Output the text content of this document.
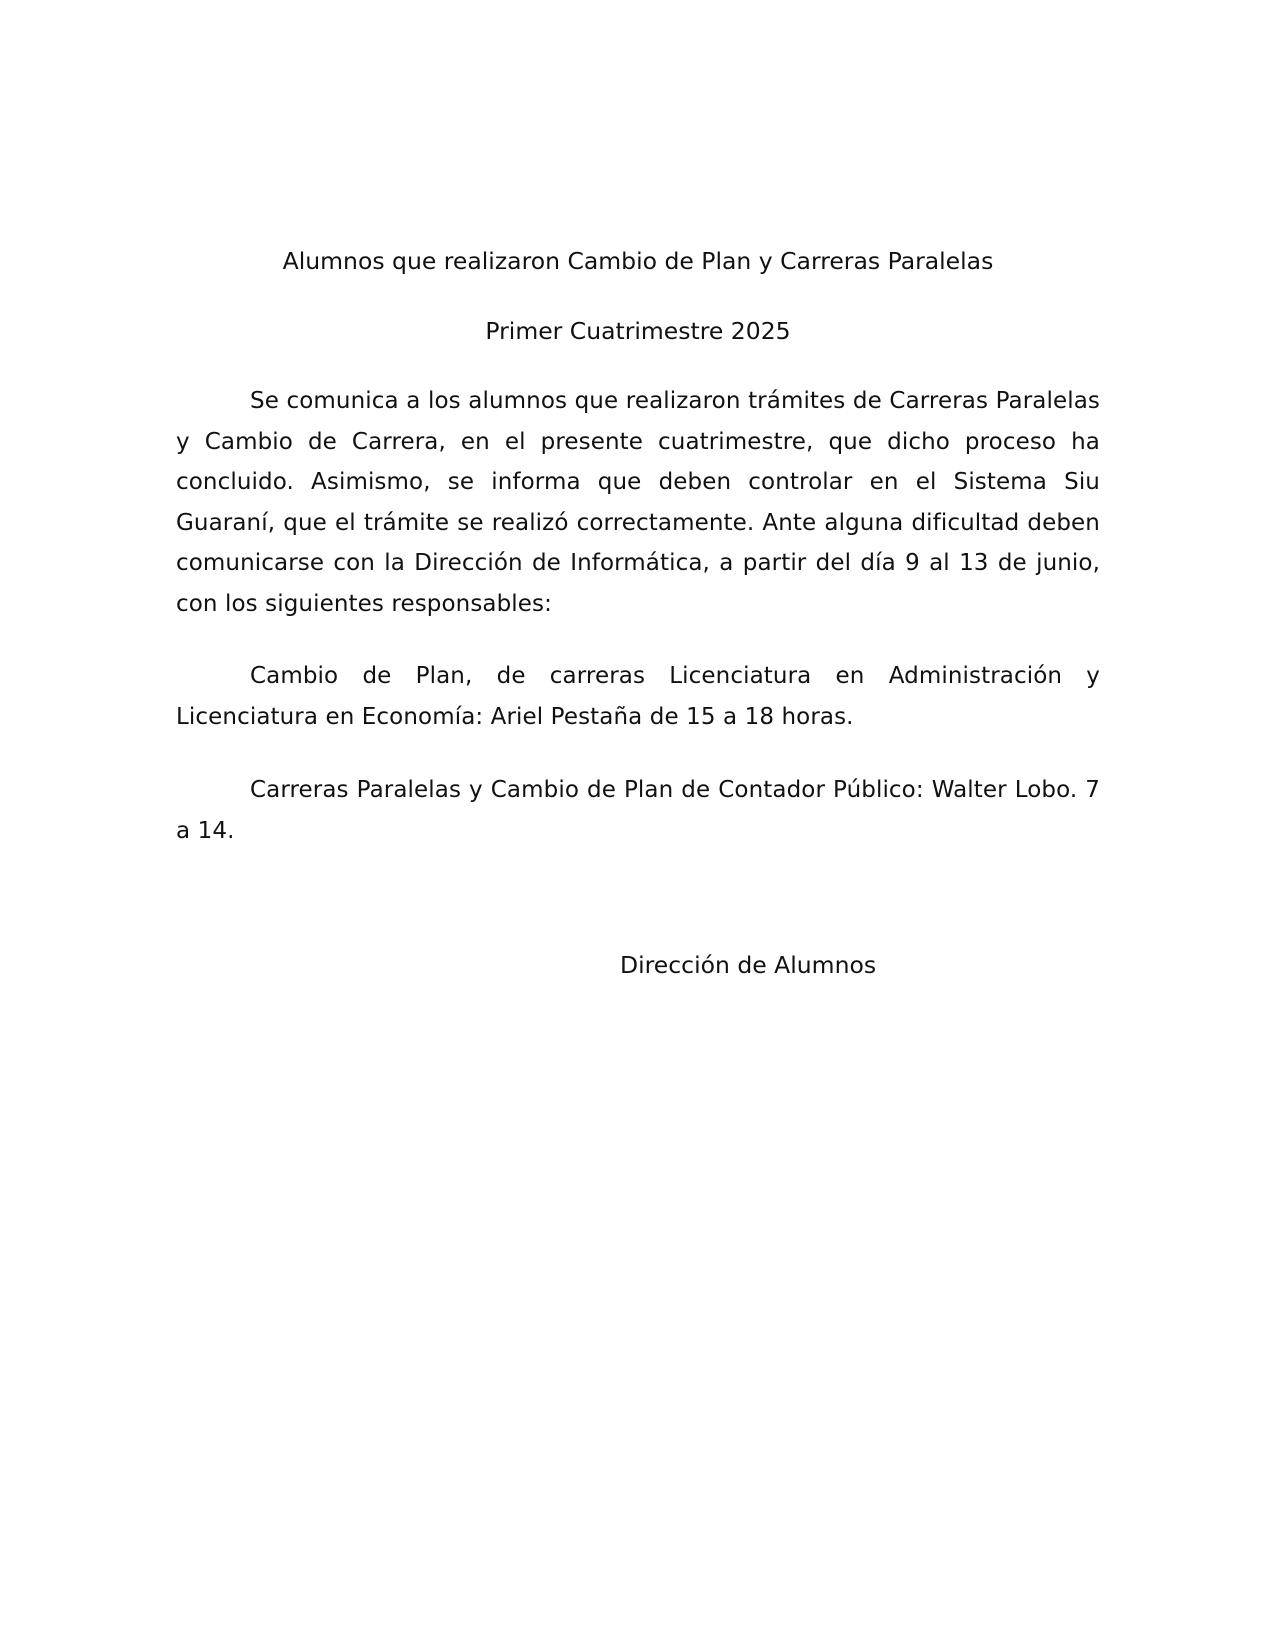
Alumnos que realizaron Cambio de Plan y Carreras Paralelas
Primer Cuatrimestre 2025

Se comunica a los alumnos que realizaron trámites de Carreras Paralelas y Cambio de Carrera, en el presente cuatrimestre, que dicho proceso ha concluido. Asimismo, se informa que deben controlar en el Sistema Siu Guaraní, que el trámite se realizó correctamente. Ante alguna dificultad deben comunicarse con la Dirección de Informática, a partir del día 9 al 13 de junio, con los siguientes responsables:

Cambio de Plan, de carreras Licenciatura en Administración y Licenciatura en Economía: Ariel Pestaña de 15 a 18 horas.

Carreras Paralelas y Cambio de Plan de Contador Público: Walter Lobo. 7 a 14.

Dirección de Alumnos
